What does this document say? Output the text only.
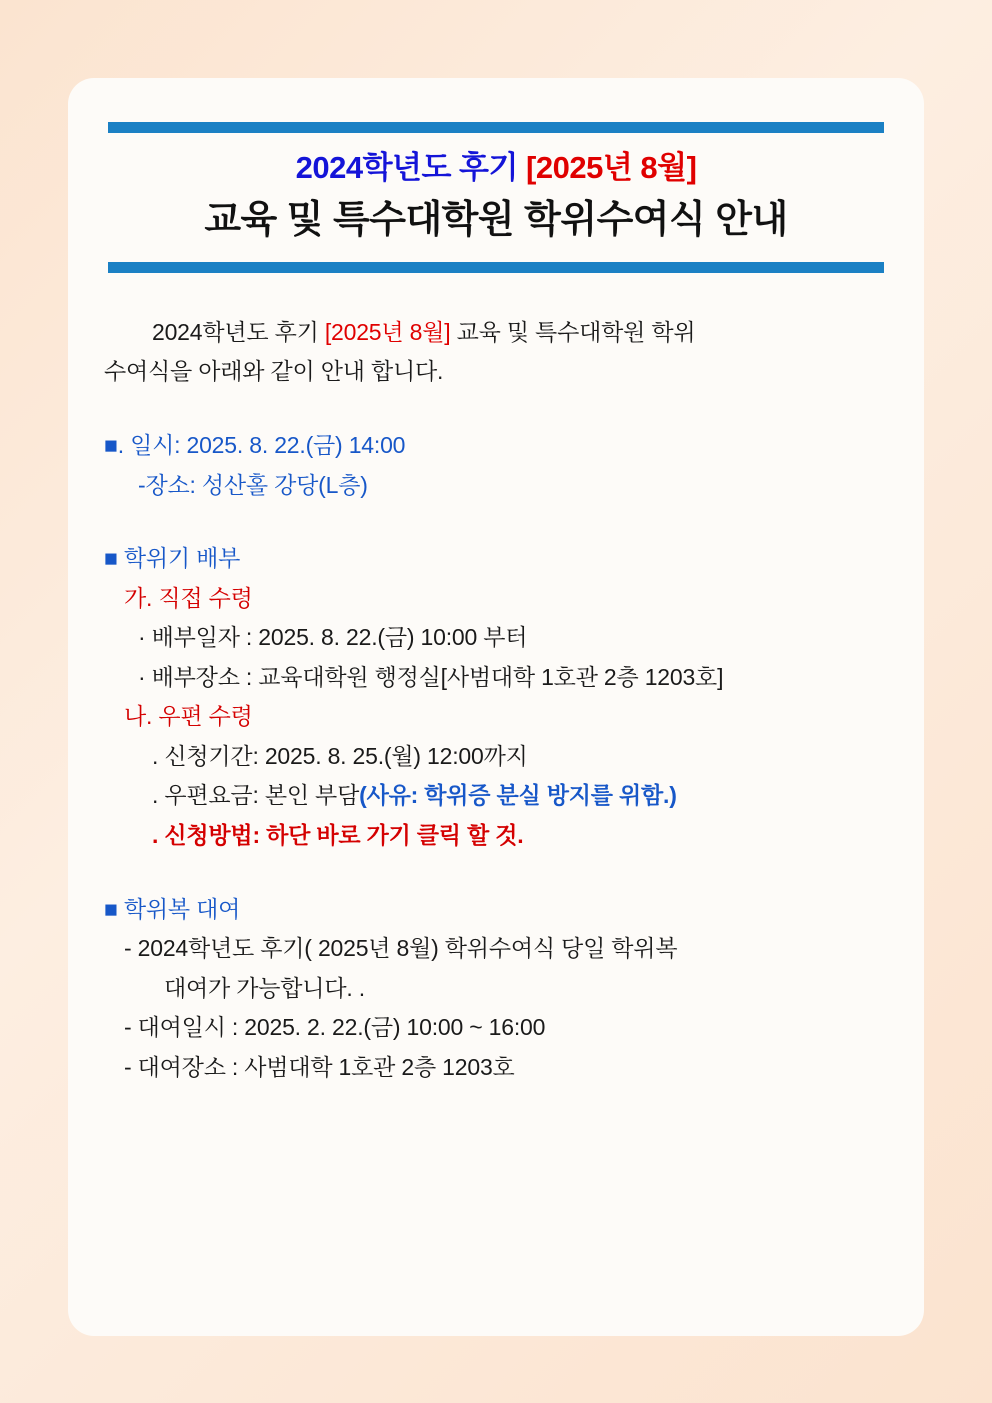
2024학년도 후기 [2025년 8월]
교육 및 특수대학원 학위수여식 안내
2024학년도 후기 [2025년 8월] 교육 및 특수대학원 학위
수여식을 아래와 같이 안내 합니다.
■. 일시: 2025. 8. 22.(금) 14:00
-장소: 성산홀 강당(L층)
■ 학위기 배부
가. 직접 수령
· 배부일자 : 2025. 8. 22.(금) 10:00 부터
· 배부장소 : 교육대학원 행정실[사범대학 1호관 2층 1203호]
나. 우편 수령
. 신청기간: 2025. 8. 25.(월) 12:00까지
. 우편요금: 본인 부담(사유: 학위증 분실 방지를 위함.)
. 신청방법: 하단 바로 가기 클릭 할 것.
■ 학위복 대여
- 2024학년도 후기( 2025년 8월) 학위수여식 당일 학위복
대여가 가능합니다. .
- 대여일시 : 2025. 2. 22.(금) 10:00 ~ 16:00
- 대여장소 : 사범대학 1호관 2층 1203호
